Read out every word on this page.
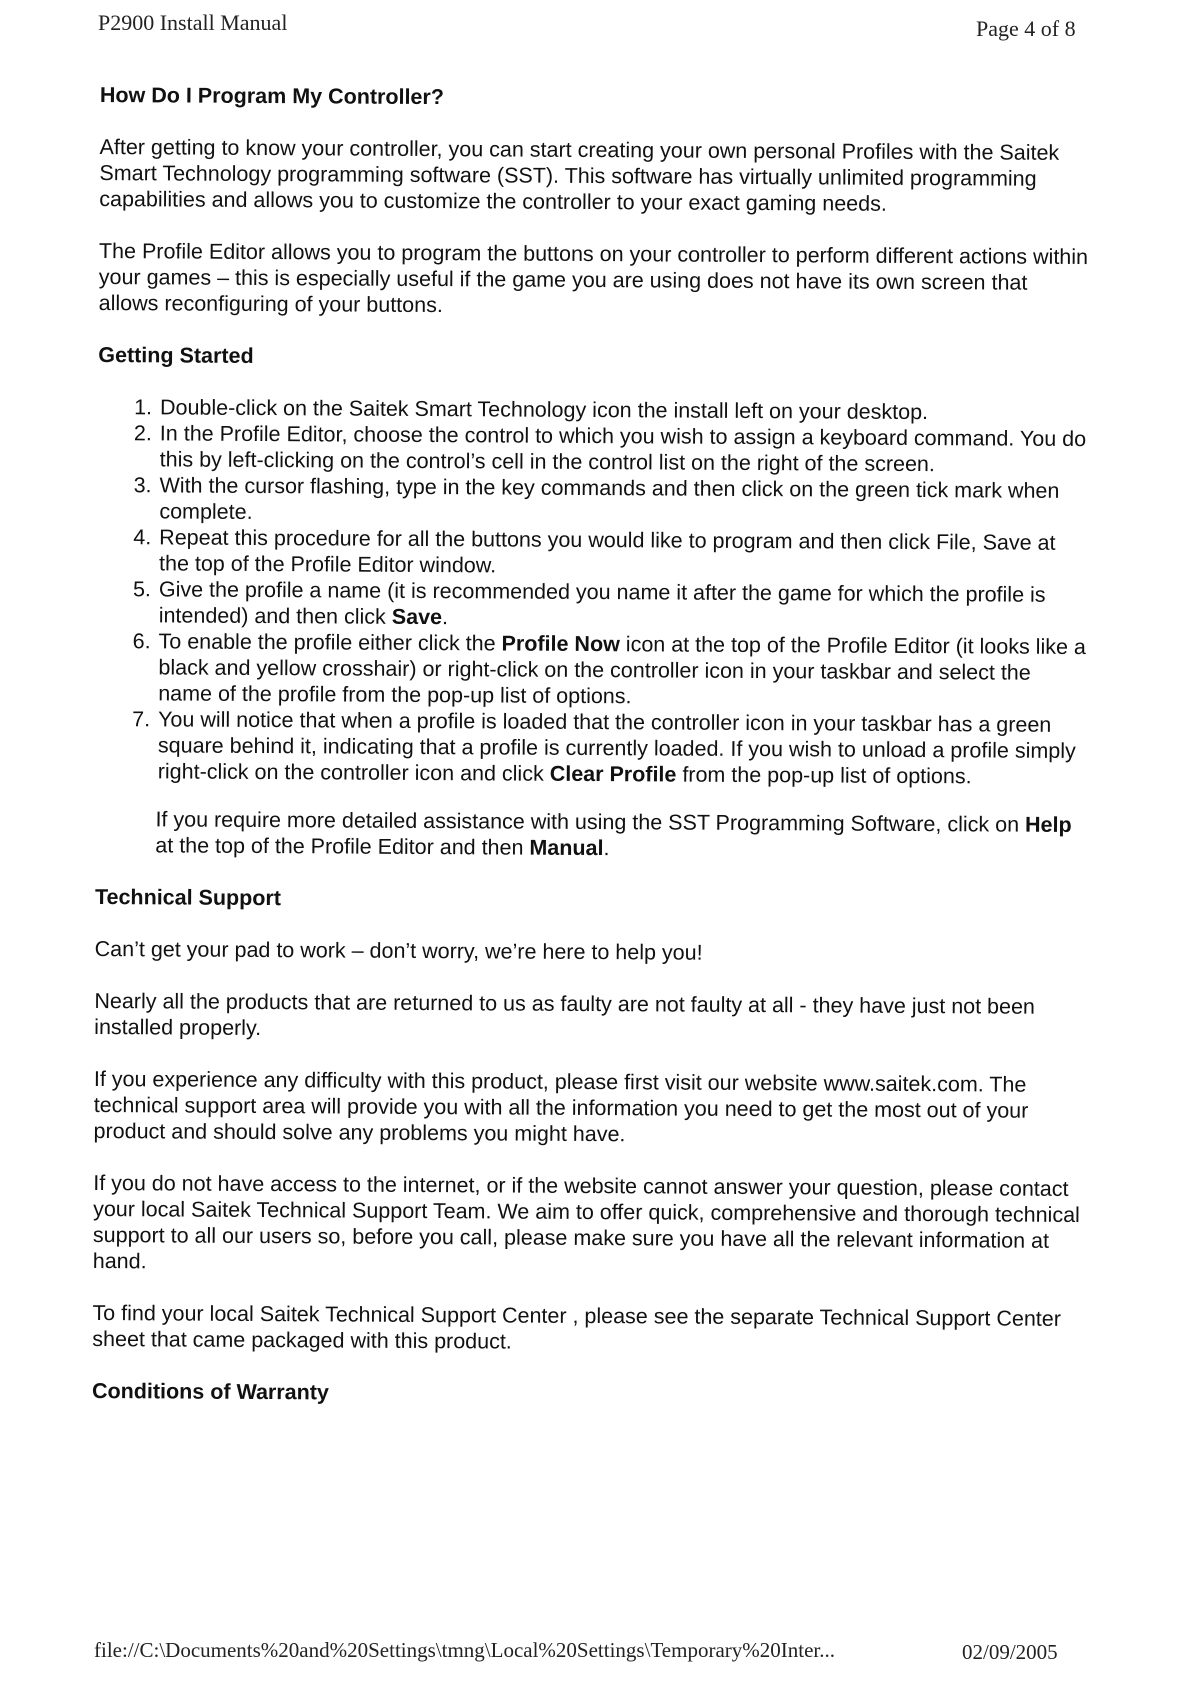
P2900 Install Manual	Page 4 of 8
How Do I Program My Controller?

After getting to know your controller, you can start creating your own personal Profiles with the Saitek Smart Technology programming software (SST). This software has virtually unlimited programming capabilities and allows you to customize the controller to your exact gaming needs.

The Profile Editor allows you to program the buttons on your controller to perform different actions within your games – this is especially useful if the game you are using does not have its own screen that allows reconfiguring of your buttons.

Getting Started
1. Double-click on the Saitek Smart Technology icon the install left on your desktop.
2. In the Profile Editor, choose the control to which you wish to assign a keyboard command. You do this by left-clicking on the control’s cell in the control list on the right of the screen.
3. With the cursor flashing, type in the key commands and then click on the green tick mark when complete.
4. Repeat this procedure for all the buttons you would like to program and then click File, Save at the top of the Profile Editor window.
5. Give the profile a name (it is recommended you name it after the game for which the profile is intended) and then click Save.
6. To enable the profile either click the Profile Now icon at the top of the Profile Editor (it looks like a black and yellow crosshair) or right-click on the controller icon in your taskbar and select the name of the profile from the pop-up list of options.
7. You will notice that when a profile is loaded that the controller icon in your taskbar has a green square behind it, indicating that a profile is currently loaded. If you wish to unload a profile simply right-click on the controller icon and click Clear Profile from the pop-up list of options.

If you require more detailed assistance with using the SST Programming Software, click on Help at the top of the Profile Editor and then Manual.

Technical Support

Can’t get your pad to work – don’t worry, we’re here to help you!

Nearly all the products that are returned to us as faulty are not faulty at all - they have just not been installed properly.

If you experience any difficulty with this product, please first visit our website www.saitek.com. The technical support area will provide you with all the information you need to get the most out of your product and should solve any problems you might have.

If you do not have access to the internet, or if the website cannot answer your question, please contact your local Saitek Technical Support Team. We aim to offer quick, comprehensive and thorough technical support to all our users so, before you call, please make sure you have all the relevant information at hand.

To find your local Saitek Technical Support Center , please see the separate Technical Support Center sheet that came packaged with this product.

Conditions of Warranty
file://C:\Documents%20and%20Settings\tmng\Local%20Settings\Temporary%20Inter...	02/09/2005
